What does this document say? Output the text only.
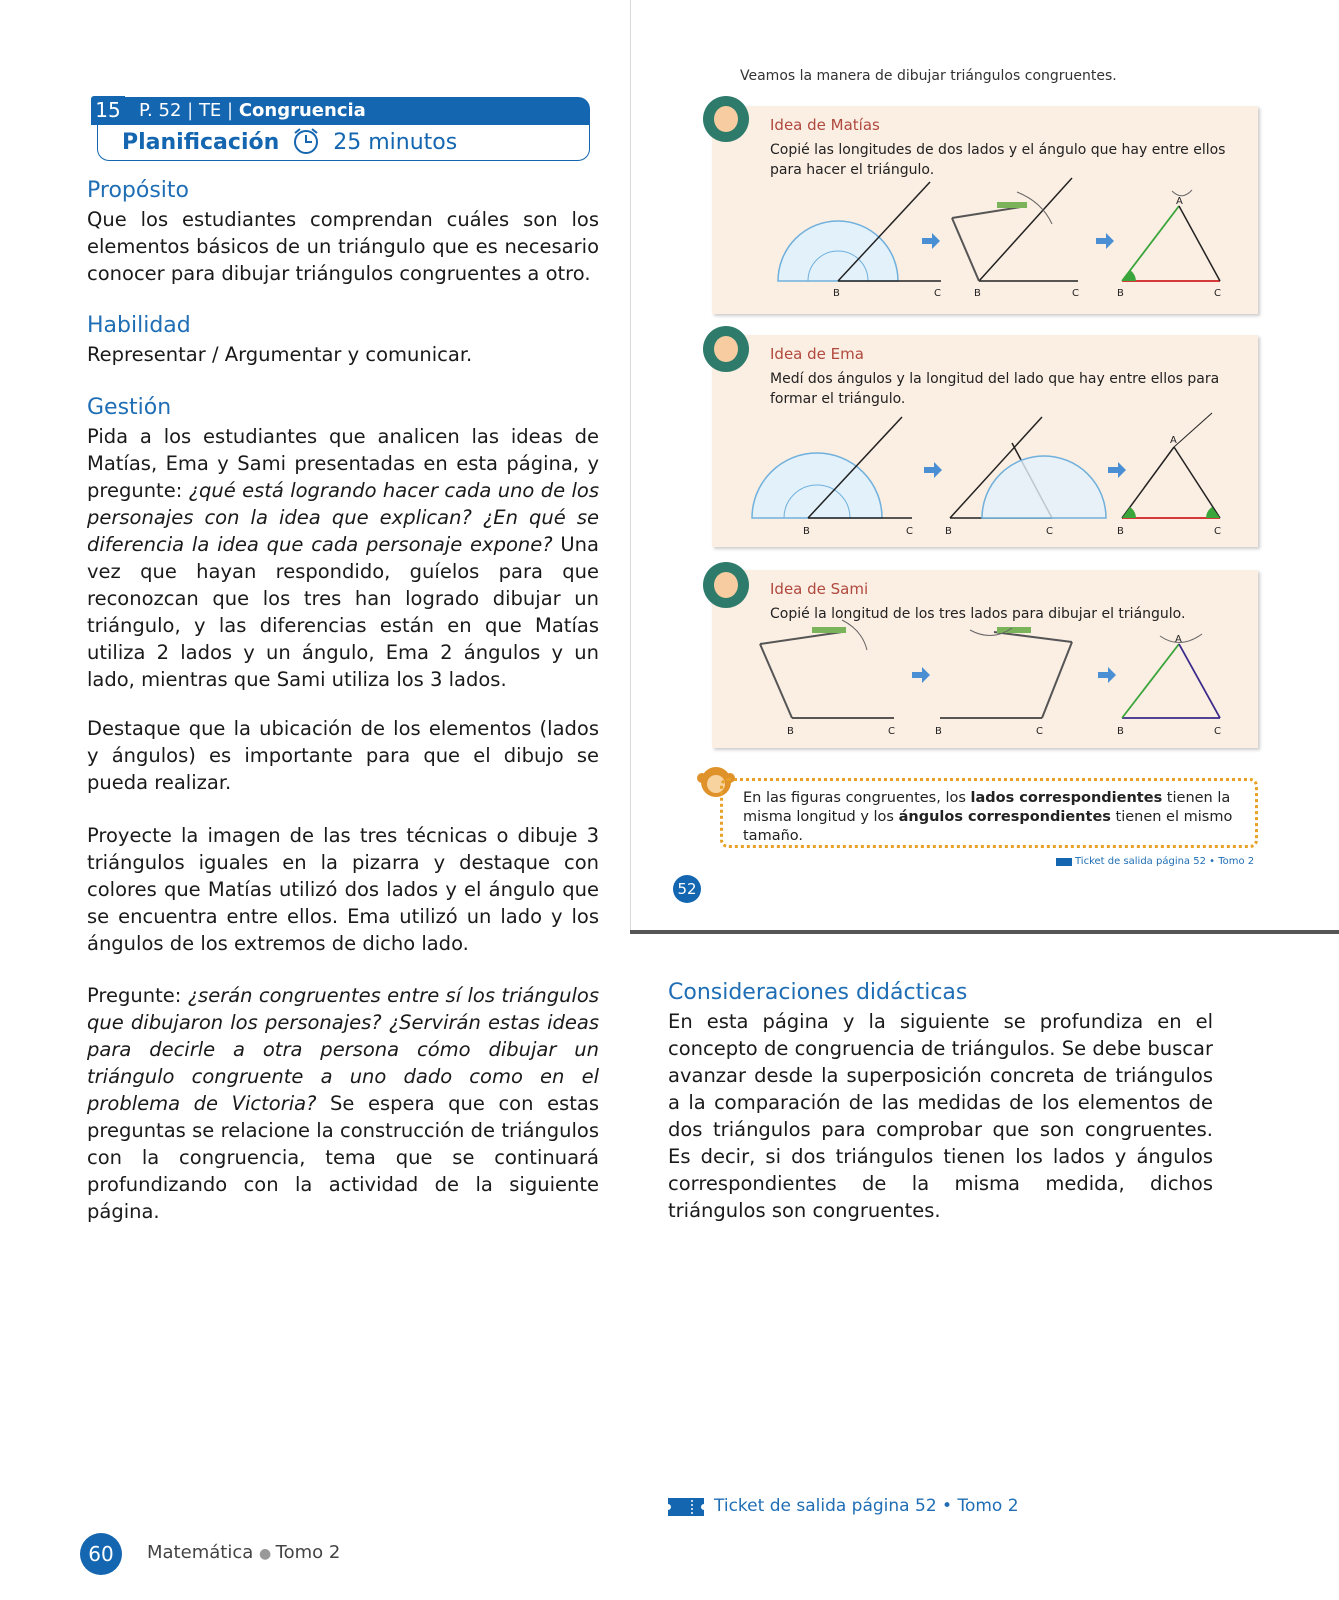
15	P. 52 | TE | Congruencia
Planificación 25 minutos
Propósito
Que los estudiantes comprendan cuáles son los elementos básicos de un triángulo que es necesario conocer para dibujar triángulos congruentes a otro.
Habilidad
Representar / Argumentar y comunicar.
Gestión
Pida a los estudiantes que analicen las ideas de Matías, Ema y Sami presentadas en esta página, y pregunte: ¿qué está logrando hacer cada uno de los personajes con la idea que explican? ¿En qué se diferencia la idea que cada personaje expone? Una vez que hayan respondido, guíelos para que reconozcan que los tres han logrado dibujar un triángulo, y las diferencias están en que Matías utiliza 2 lados y un ángulo, Ema 2 ángulos y un lado, mientras que Sami utiliza los 3 lados.
Destaque que la ubicación de los elementos (lados y ángulos) es importante para que el dibujo se pueda realizar.
Proyecte la imagen de las tres técnicas o dibuje 3 triángulos iguales en la pizarra y destaque con colores que Matías utilizó dos lados y el ángulo que se encuentra entre ellos. Ema utilizó un lado y los ángulos de los extremos de dicho lado.
Pregunte: ¿serán congruentes entre sí los triángulos que dibujaron los personajes? ¿Servirán estas ideas para decirle a otra persona cómo dibujar un triángulo congruente a uno dado como en el problema de Victoria? Se espera que con estas preguntas se relacione la construcción de triángulos con la congruencia, tema que se continuará profundizando con la actividad de la siguiente página.
Veamos la manera de dibujar triángulos congruentes.
Idea de Matías
Copié las longitudes de dos lados y el ángulo que hay entre ellos para hacer el triángulo.
B	C	B	C
A
B	C
Idea de Ema
Medí dos ángulos y la longitud del lado que hay entre ellos para formar el triángulo.
B	C	B	C
A
B	C
Idea de Sami
Copié la longitud de los tres lados para dibujar el triángulo.
B	C	B	C
A
B	C
En las figuras congruentes, los lados correspondientes tienen la misma longitud y los ángulos correspondientes tienen el mismo tamaño.
Ticket de salida página 52 • Tomo 2
52
Consideraciones didácticas
En esta página y la siguiente se profundiza en el concepto de congruencia de triángulos. Se debe buscar avanzar desde la superposición concreta de triángulos a la comparación de las medidas de los elementos de dos triángulos para comprobar que son congruentes. Es decir, si dos triángulos tienen los lados y ángulos correspondientes de la misma medida, dichos triángulos son congruentes.
Ticket de salida página 52 • Tomo 2
60	Matemática ● Tomo 2
